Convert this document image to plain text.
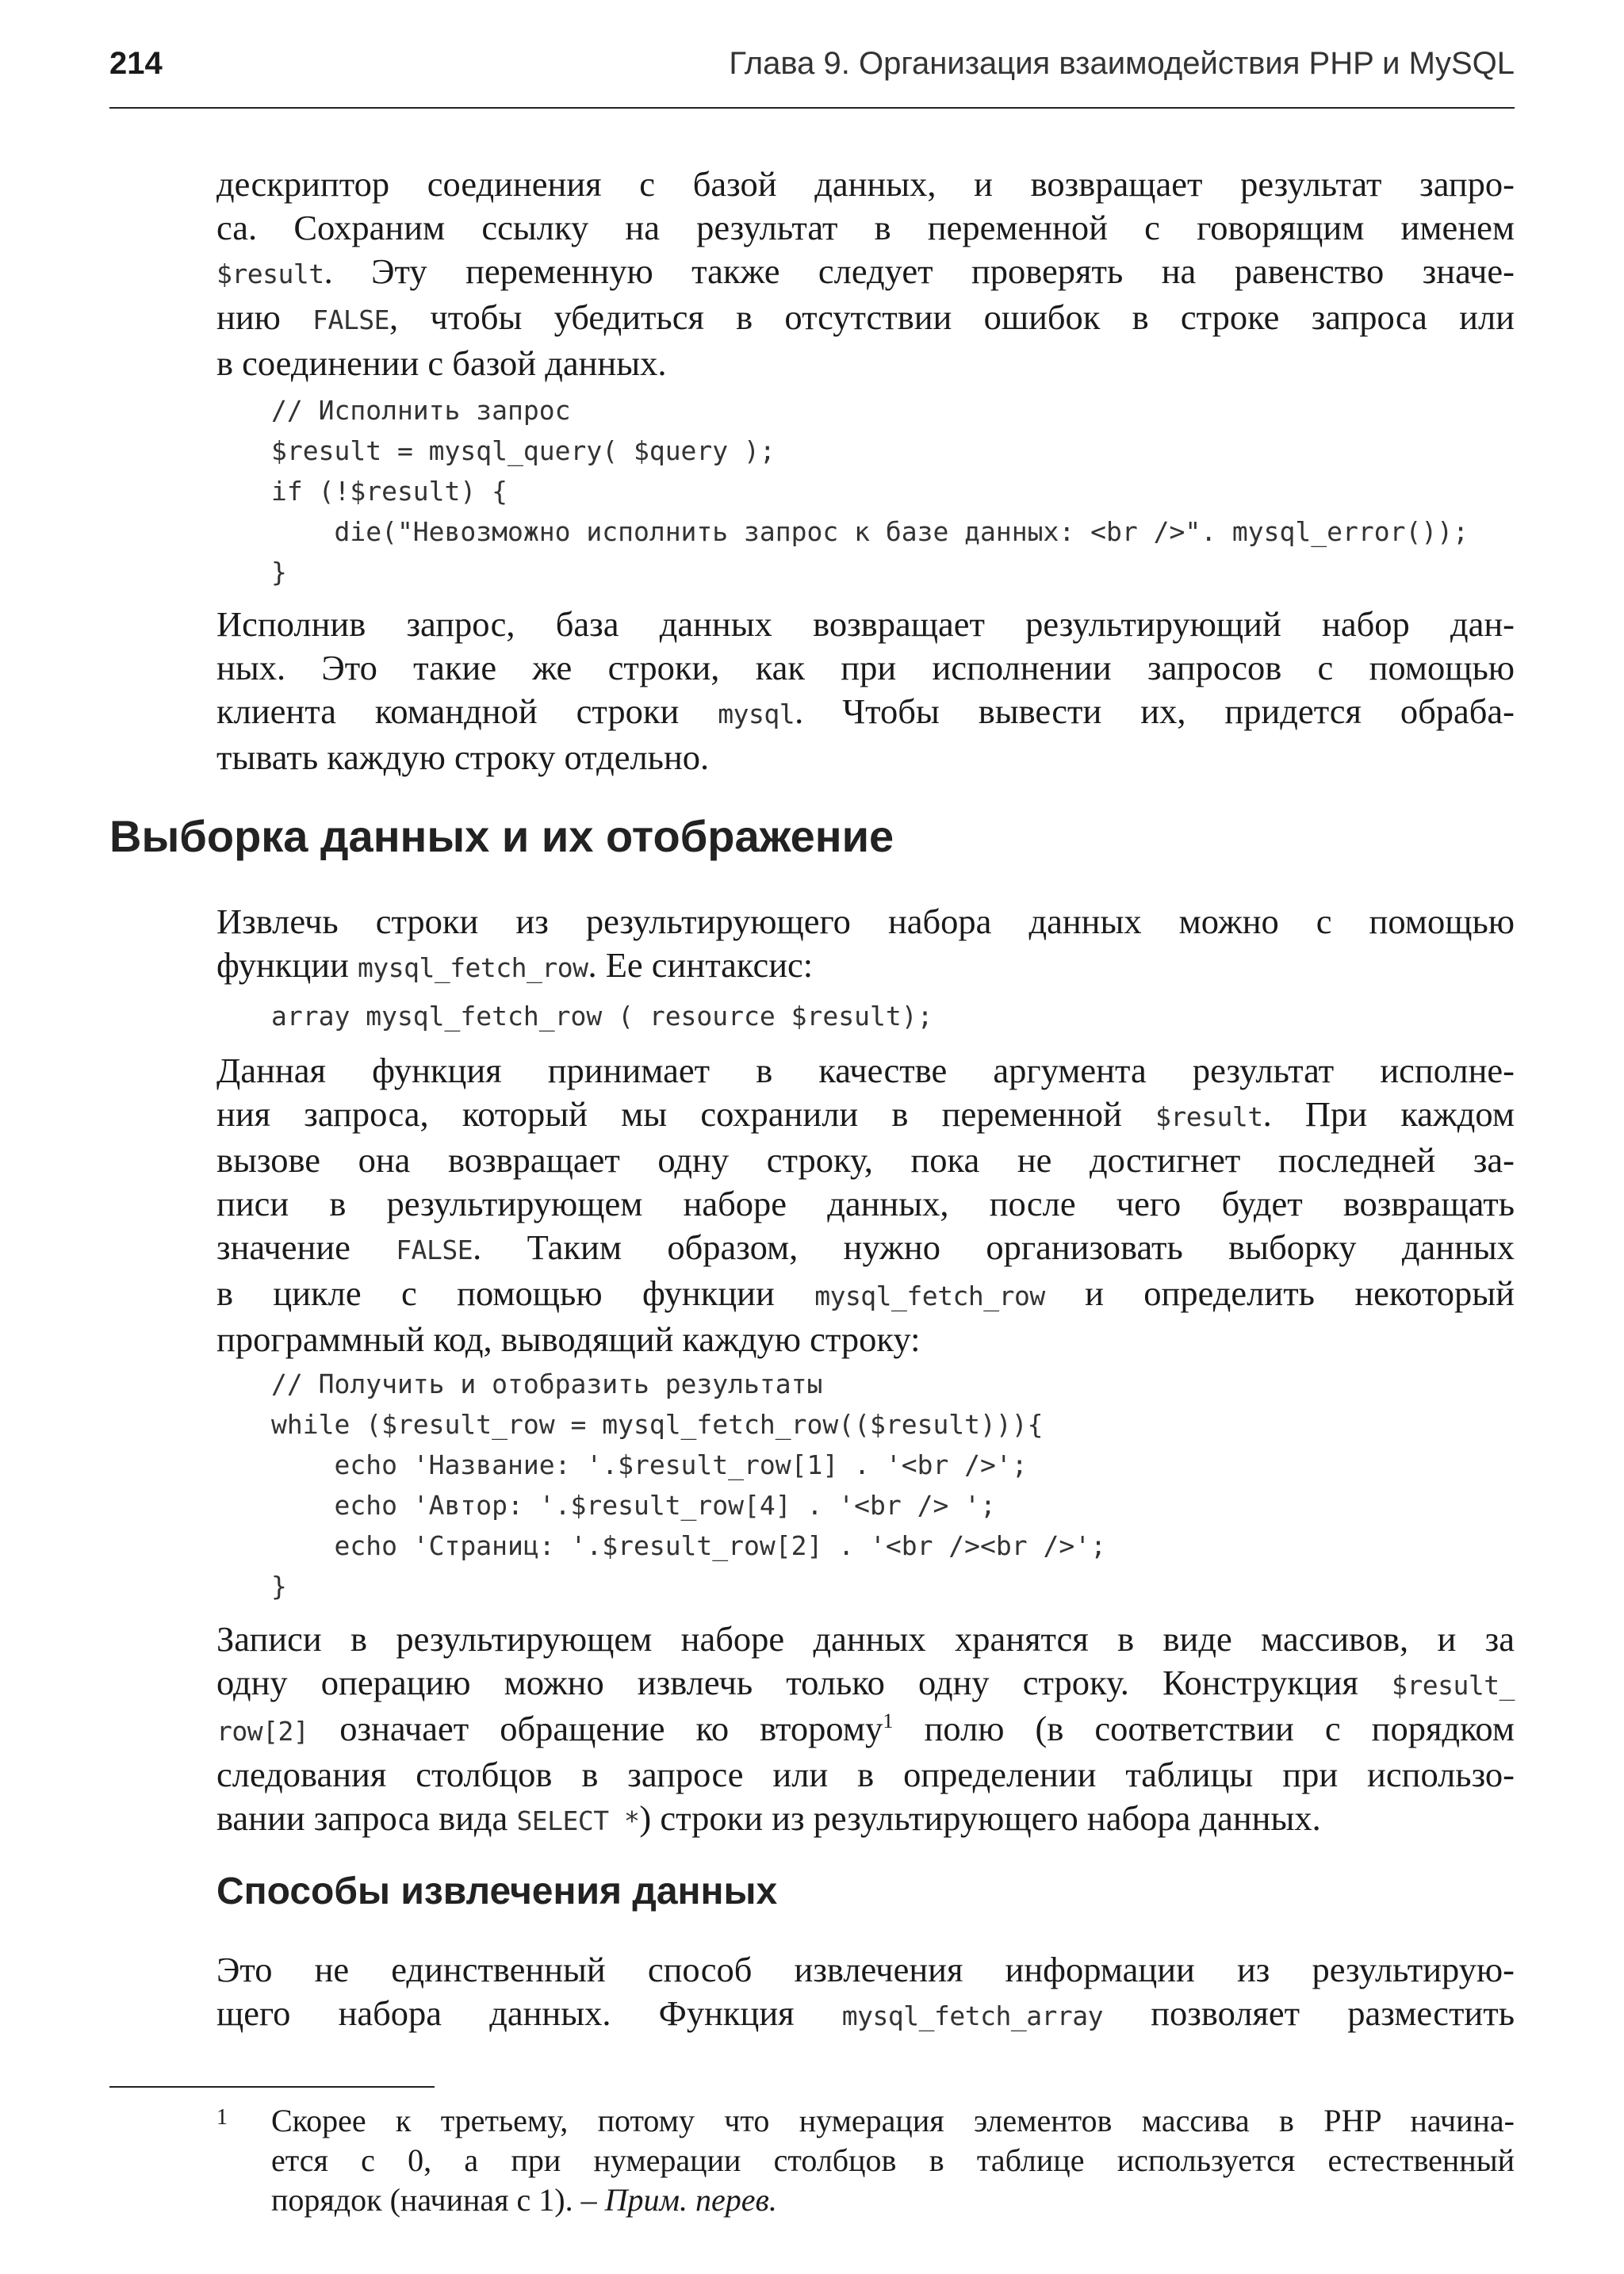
214	Глава 9. Организация взаимодействия PHP и MySQL
дескриптор соединения с базой данных, и возвращает результат запро-
са. Сохраним ссылку на результат в переменной с говорящим именем
$result. Эту переменную также следует проверять на равенство значе-
нию FALSE, чтобы убедиться в отсутствии ошибок в строке запроса или
в соединении с базой данных.
// Исполнить запрос
$result = mysql_query( $query );
if (!$result) {
die("Невозможно исполнить запрос к базе данных: <br />". mysql_error());
}
Исполнив запрос, база данных возвращает результирующий набор дан-
ных. Это такие же строки, как при исполнении запросов с помощью
клиента командной строки mysql. Чтобы вывести их, придется обраба-
тывать каждую строку отдельно.
Выборка данных и их отображение
Извлечь строки из результирующего набора данных можно с помощью
функции mysql_fetch_row. Ее синтаксис:
array mysql_fetch_row ( resource $result);
Данная функция принимает в качестве аргумента результат исполне-
ния запроса, который мы сохранили в переменной $result. При каждом
вызове она возвращает одну строку, пока не достигнет последней за-
писи в результирующем наборе данных, после чего будет возвращать
значение FALSE. Таким образом, нужно организовать выборку данных
в цикле с помощью функции mysql_fetch_row и определить некоторый
программный код, выводящий каждую строку:
// Получить и отобразить результаты
while ($result_row = mysql_fetch_row(($result))){
echo 'Название: '.$result_row[1] . '<br />';
echo 'Автор: '.$result_row[4] . '<br /> ';
echo 'Страниц: '.$result_row[2] . '<br /><br />';
}
Записи в результирующем наборе данных хранятся в виде массивов, и за
одну операцию можно извлечь только одну строку. Конструкция $result_
row[2] означает обращение ко второму$^1$ полю (в соответствии с порядком
следования столбцов в запросе или в определении таблицы при использо-
вании запроса вида SELECT *) строки из результирующего набора данных.
Способы извлечения данных
Это не единственный способ извлечения информации из результирую-
щего набора данных. Функция mysql_fetch_array позволяет разместить
1 Скорее к третьему, потому что нумерация элементов массива в PHP начина-
ется с 0, а при нумерации столбцов в таблице используется естественный
порядок (начиная с 1). – Прим. перев.
